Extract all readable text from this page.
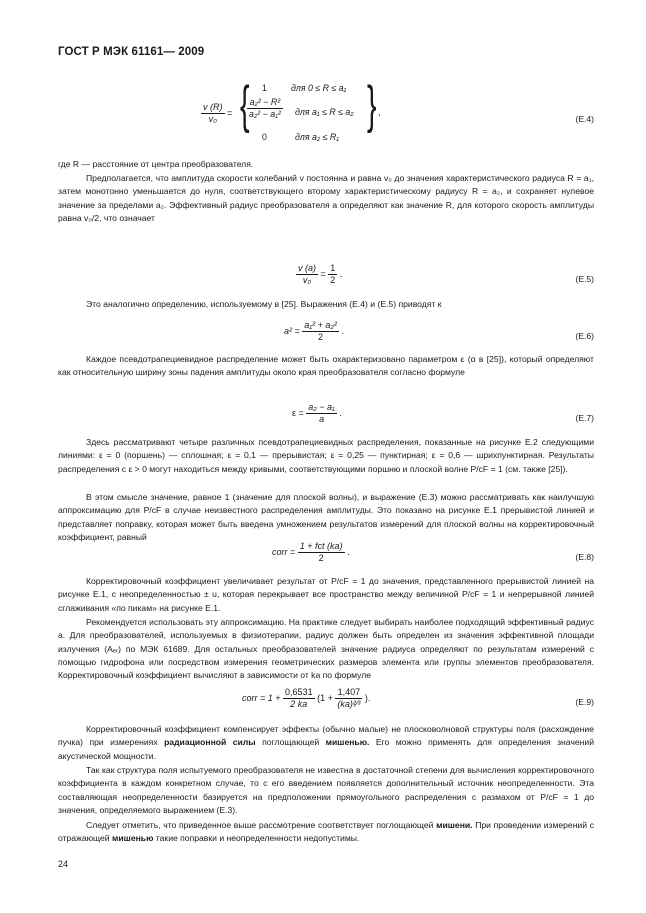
ГОСТ Р МЭК 61161— 2009
$\frac{v (R)}{\text{v₀}}$ = { 1	для 0 ≤ R ≤ a₁
$\frac{\text{a₂² − R²}}{\text{a₂² − a₁²}}$ для a₁ ≤ R ≤ a₂
0	для a₂ ≤ R₁
} ,
(E.4)

где R — расстояние от центра преобразователя.

Предполагается, что амплитуда скорости колебаний v постоянна и равна v₀ до значения характеристического радиуса R = a₁, затем монотонно уменьшается до нуля, соответствующего второму характеристическому радиусу R = a₂, и сохраняет нулевое значение за пределами a₂. Эффективный радиус преобразователя a определяют как значение R, для которого скорость амплитуды равна v₀/2, что означает

$\frac{v (a)}{\text{v₀}} = \frac{1}{2}$ .
(E.5)

Это аналогично определению, используемому в [25]. Выражения (E.4) и (E.5) приводят к

$a^2 = \frac{\text{a₁² + a₂²}}{2}$ .
(E.6)

Каждое псевдотрапециевидное распределение может быть охарактеризовано параметром ε (α в [25]), который определяют как относительную ширину зоны падения амплитуды около края преобразователя согласно формуле

$\varepsilon = \frac{\text{a₂ − a₁}}{a}$ .
(E.7)

Здесь рассматривают четыре различных псевдотрапециевидных распределения, показанные на рисунке E.2 следующими линиями: ε = 0 (поршень) — сплошная; ε = 0,1 — прерывистая; ε = 0,25 — пунктирная; ε = 0,6 — шрихпунктирная. Результаты распределения с ε > 0 могут находиться между кривыми, соответствующими поршню и плоской волне P/cF = 1 (см. также [25]).

В этом смысле значение, равное 1 (значение для плоской волны), и выражение (E.3) можно рассматривать как наилучшую аппроксимацию для P/cF в случае неизвестного распределения амплитуды. Это показано на рисунке E.1 прерывистой линией и представляет поправку, которая может быть введена умножением результатов измерений для плоской волны на корректировочный коэффициент, равный

corr = $\frac{\text{1 + fct (ka)}}{2}$ .
(E.8)

Корректировочный коэффициент увеличивает результат от P/cF = 1 до значения, представленного прерывистой линией на рисунке E.1, с неопределенностью ± u, которая перекрывает все пространство между величиной P/cF = 1 и непрерывной линией сглаживания «по пикам» на рисунке E.1.

Рекомендуется использовать эту аппроксимацию. На практике следует выбирать наиболее подходящий эффективный радиус a. Для преобразователей, используемых в физиотерапии, радиус должен быть определен из значения эффективной площади излучения (Aₑᵣ) по МЭК 61689. Для остальных преобразователей значение радиуса определяют по результатам измерений с помощью гидрофона или посредством измерения геометрических размеров элемента или группы элементов преобразователя. Корректировочный коэффициент вычисляют в зависимости от ka по формуле

corr = $1 + \frac{0,6531}{2 ka} (1 + \frac{1,407}{\text{(ka)²⁄³}}$ ).	(E.9)

Корректировочный коэффициент компенсирует эффекты (обычно малые) не плосковолновой структуры поля (расхождение пучка) при измерениях радиационной силы поглощающей мишенью. Его можно применять для определения значений акустической мощности.

Так как структура поля испытуемого преобразователя не известна в достаточной степени для вычисления корректировочного коэффициента в каждом конкретном случае, то с его введением появляется дополнительный источник неопределенности. Эта составляющая неопределенности базируется на предположении прямоугольного распределения с размахом от P/cF = 1 до значения, определяемого выражением (E.3).

Следует отметить, что приведенное выше рассмотрение соответствует поглощающей мишени. При проведении измерений с отражающей мишенью такие поправки и неопределенности недопустимы.

24
